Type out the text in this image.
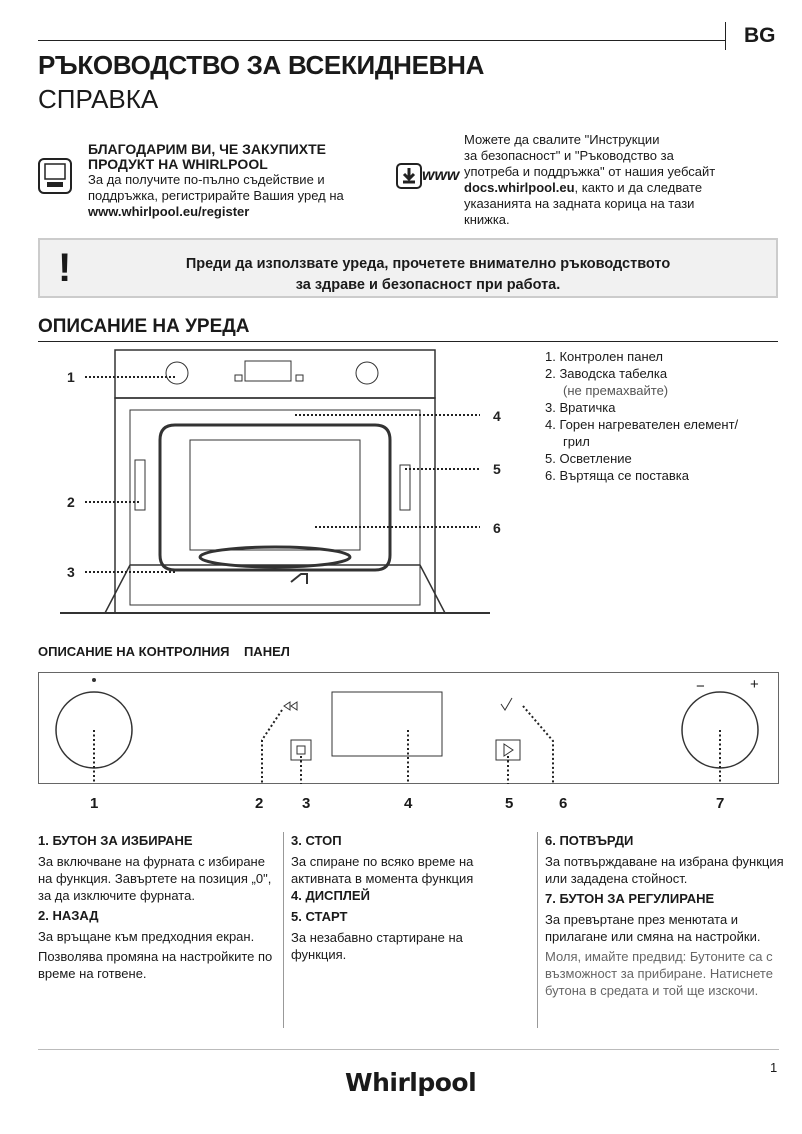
BG
РЪКОВОДСТВО ЗА ВСЕКИДНЕВНА
СПРАВКА
БЛАГОДАРИМ ВИ, ЧЕ ЗАКУПИХТЕ
ПРОДУКТ НА WHIRLPOOL
За да получите по-пълно съдействие и
поддръжка, регистрирайте Вашия уред на
www.whirlpool.eu/register
www
Можете да свалите "Инструкции
за безопасност" и "Ръководство за
употреба и поддръжка" от нашия уебсайт
docs.whirlpool.eu, както и да следвате
указанията на задната корица на тази
книжка.
!	Преди да използвате уреда, прочетете внимателно ръководството
за здраве и безопасност при работа.
ОПИСАНИЕ НА УРЕДА
1
2
3
4
5
6
1. Контролен панел
2. Заводска табелка
(не премахвайте)
3. Вратичка
4. Горен нагревателен елемент/
грил
5. Осветление
6. Въртяща се поставка
ОПИСАНИЕ НА КОНТРОЛНИЯ    ПАНЕЛ
−	+
1	2	3	4	5	6	7
1. БУТОН ЗА ИЗБИРАНЕ
За включване на фурната с избиране на функция. Завъртете на позиция „0", за да изключите фурната.
2. НАЗАД
За връщане към предходния екран.
Позволява промяна на настройките по време на готвене.
3. СТОП
За спиране по всяко време на активната в момента функция
4. ДИСПЛЕЙ
5. СТАРТ
За незабавно стартиране на функция.
6. ПОТВЪРДИ
За потвърждаване на избрана функция или зададена стойност.
7. БУТОН ЗА РЕГУЛИРАНЕ
За превъртане през менютата и прилагане или смяна на настройки.
Моля, имайте предвид: Бутоните са с възможност за прибиране. Натиснете бутона в средата и той ще изскочи.
1
Whirlpool
